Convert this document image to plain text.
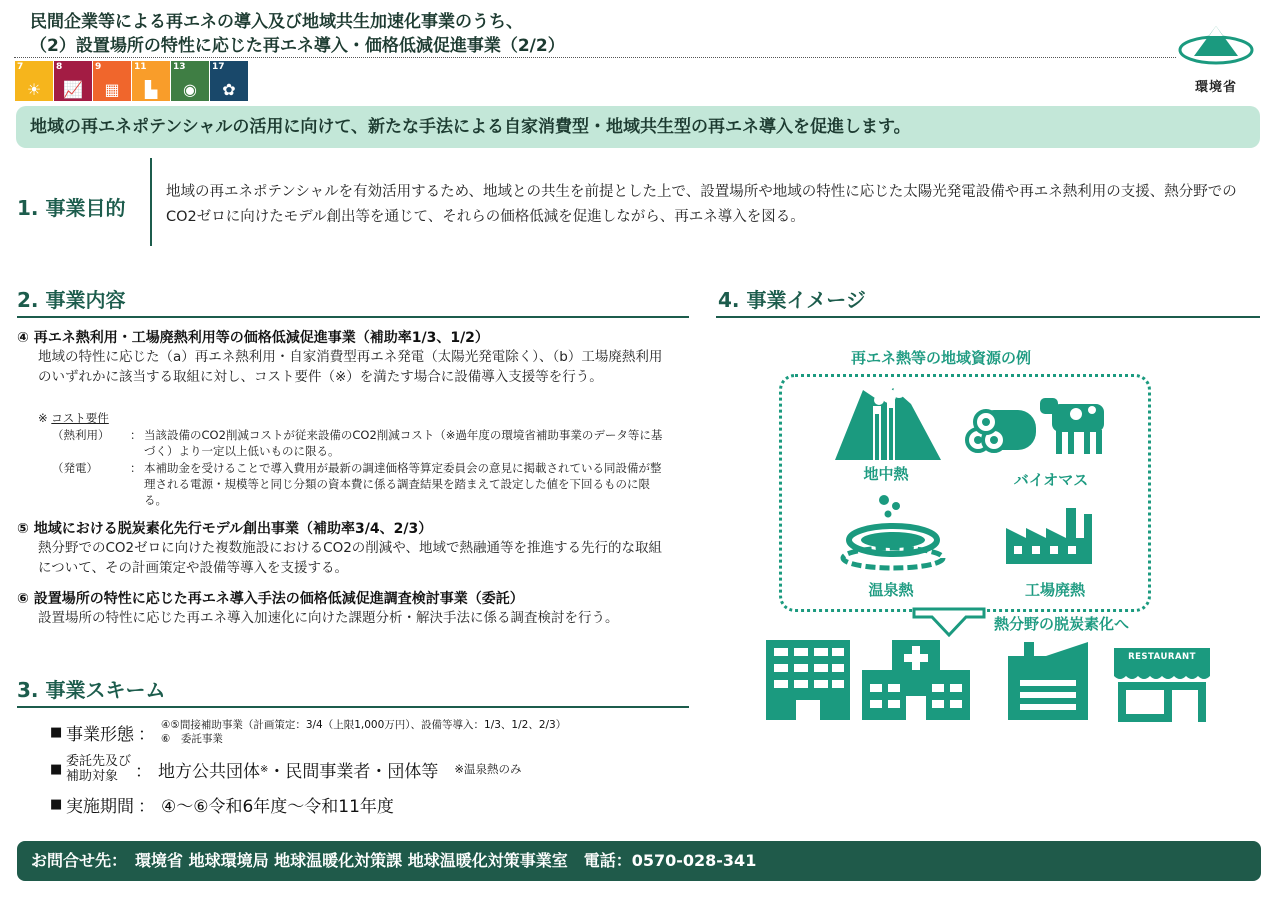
民間企業等による再エネの導入及び地域共生加速化事業のうち、
（2）設置場所の特性に応じた再エネ導入・価格低減促進事業（2/2）
7
☀
8
📈
9
▦
11
▙
13
◉
17
✿	環境省
地域の再エネポテンシャルの活用に向けて、新たな手法による自家消費型・地域共生型の再エネ導入を促進します。
1. 事業目的
地域の再エネポテンシャルを有効活用するため、地域との共生を前提とした上で、設置場所や地域の特性に応じた太陽光発電設備や再エネ熱利用の支援、熱分野でのCO2ゼロに向けたモデル創出等を通じて、それらの価格低減を促進しながら、再エネ導入を図る。
2. 事業内容
④ 再エネ熱利用・工場廃熱利用等の価格低減促進事業（補助率1/3、1/2）
地域の特性に応じた（a）再エネ熱利用・自家消費型再エネ発電（太陽光発電除く）、（b）工場廃熱利用のいずれかに該当する取組に対し、コスト要件（※）を満たす場合に設備導入支援等を行う。
※ コスト要件
（熱利用）	： 当該設備のCO2削減コストが従来設備のCO2削減コスト（※過年度の環境省補助事業のデータ等に基づく）より一定以上低いものに限る。
（発電）	： 本補助金を受けることで導入費用が最新の調達価格等算定委員会の意見に掲載されている同設備が整理される電源・規模等と同じ分類の資本費に係る調査結果を踏まえて設定した値を下回るものに限る。
⑤ 地域における脱炭素化先行モデル創出事業（補助率3/4、2/3）
熱分野でのCO2ゼロに向けた複数施設におけるCO2の削減や、地域で熱融通等を推進する先行的な取組について、その計画策定や設備等導入を支援する。
⑥ 設置場所の特性に応じた再エネ導入手法の価格低減促進調査検討事業（委託）
設置場所の特性に応じた再エネ導入加速化に向けた課題分析・解決手法に係る調査検討を行う。
3. 事業スキーム
■ 事業形態 ： ④⑤間接補助事業（計画策定：3/4（上限1,000万円）、設備等導入：1/3、1/2、2/3）
⑥　委託事業
■ 委託先及び
補助対象	： 地方公共団体 ※ ・民間事業者・団体等 ※温泉熱のみ
■ 実施期間 ： ④～⑥令和6年度～令和11年度
4. 事業イメージ
再エネ熱等の地域資源の例
地中熱	バイオマス
温泉熱	工場廃熱
熱分野の脱炭素化へ
RESTAURANT
お問合せ先：　環境省 地球環境局 地球温暖化対策課 地球温暖化対策事業室　電話：0570-028-341
